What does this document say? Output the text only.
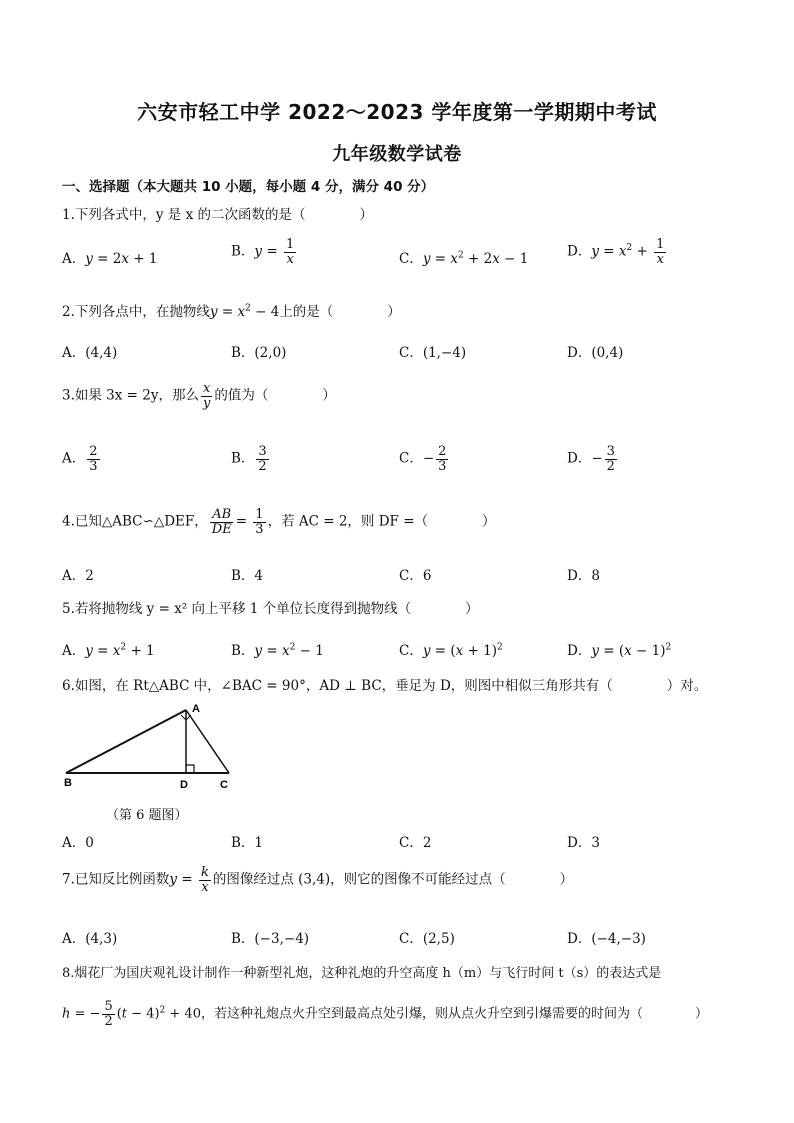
六安市轻工中学 2022～2023 学年度第一学期期中考试
九年级数学试卷
一、选择题（本大题共 10 小题，每小题 4 分，满分 40 分）
1.下列各式中，y 是 x 的二次函数的是（　　　　）
A．y = 2x + 1	B．$y = \frac{1}{x}$	C．$y = x^2 + 2x - 1$	D．$y = x^2 + \frac{1}{x}$
2.下列各点中，在抛物线$y = x^2 - 4$上的是（　　　　）
A．(4,4)	B．(2,0)	C．(1,−4)	D．(0,4)
3.如果 3x = 2y，那么 $\frac{x}{y}$ 的值为（　　　　）
A． $\frac{2}{3}$	B． $\frac{3}{2}$	C．− $\frac{2}{3}$	D．− $\frac{3}{2}$
4.已知△ABC∽△DEF， $\frac{AB}{DE} = \frac{1}{3}$ ，若 AC = 2，则 DF =（　　　　）
A．2	B．4	C．6	D．8
5.若将抛物线 y = x² 向上平移 1 个单位长度得到抛物线（　　　　）
A．$y = x^2 + 1$	B．$y = x^2 - 1$	C．$y = (x + 1)^2$	D．$y = (x - 1)^2$
6.如图，在 Rt△ABC 中，∠BAC = 90°，AD ⊥ BC，垂足为 D，则图中相似三角形共有（　　　　）对。
A
B	D	C
（第 6 题图）
A．0	B．1	C．2	D．3
7.已知反比例函数$y = \frac{k}{x}$ 的图像经过点 (3,4)，则它的图像不可能经过点（　　　　）
A．(4,3)	B．(−3,−4)	C．(2,5)	D．(−4,−3)
8.烟花厂为国庆观礼设计制作一种新型礼炮，这种礼炮的升空高度 h（m）与飞行时间 t（s）的表达式是
h = − $\frac{5}{2} (t - 4)^2 + 40$，若这种礼炮点火升空到最高点处引爆，则从点火升空到引爆需要的时间为（　　　　）
